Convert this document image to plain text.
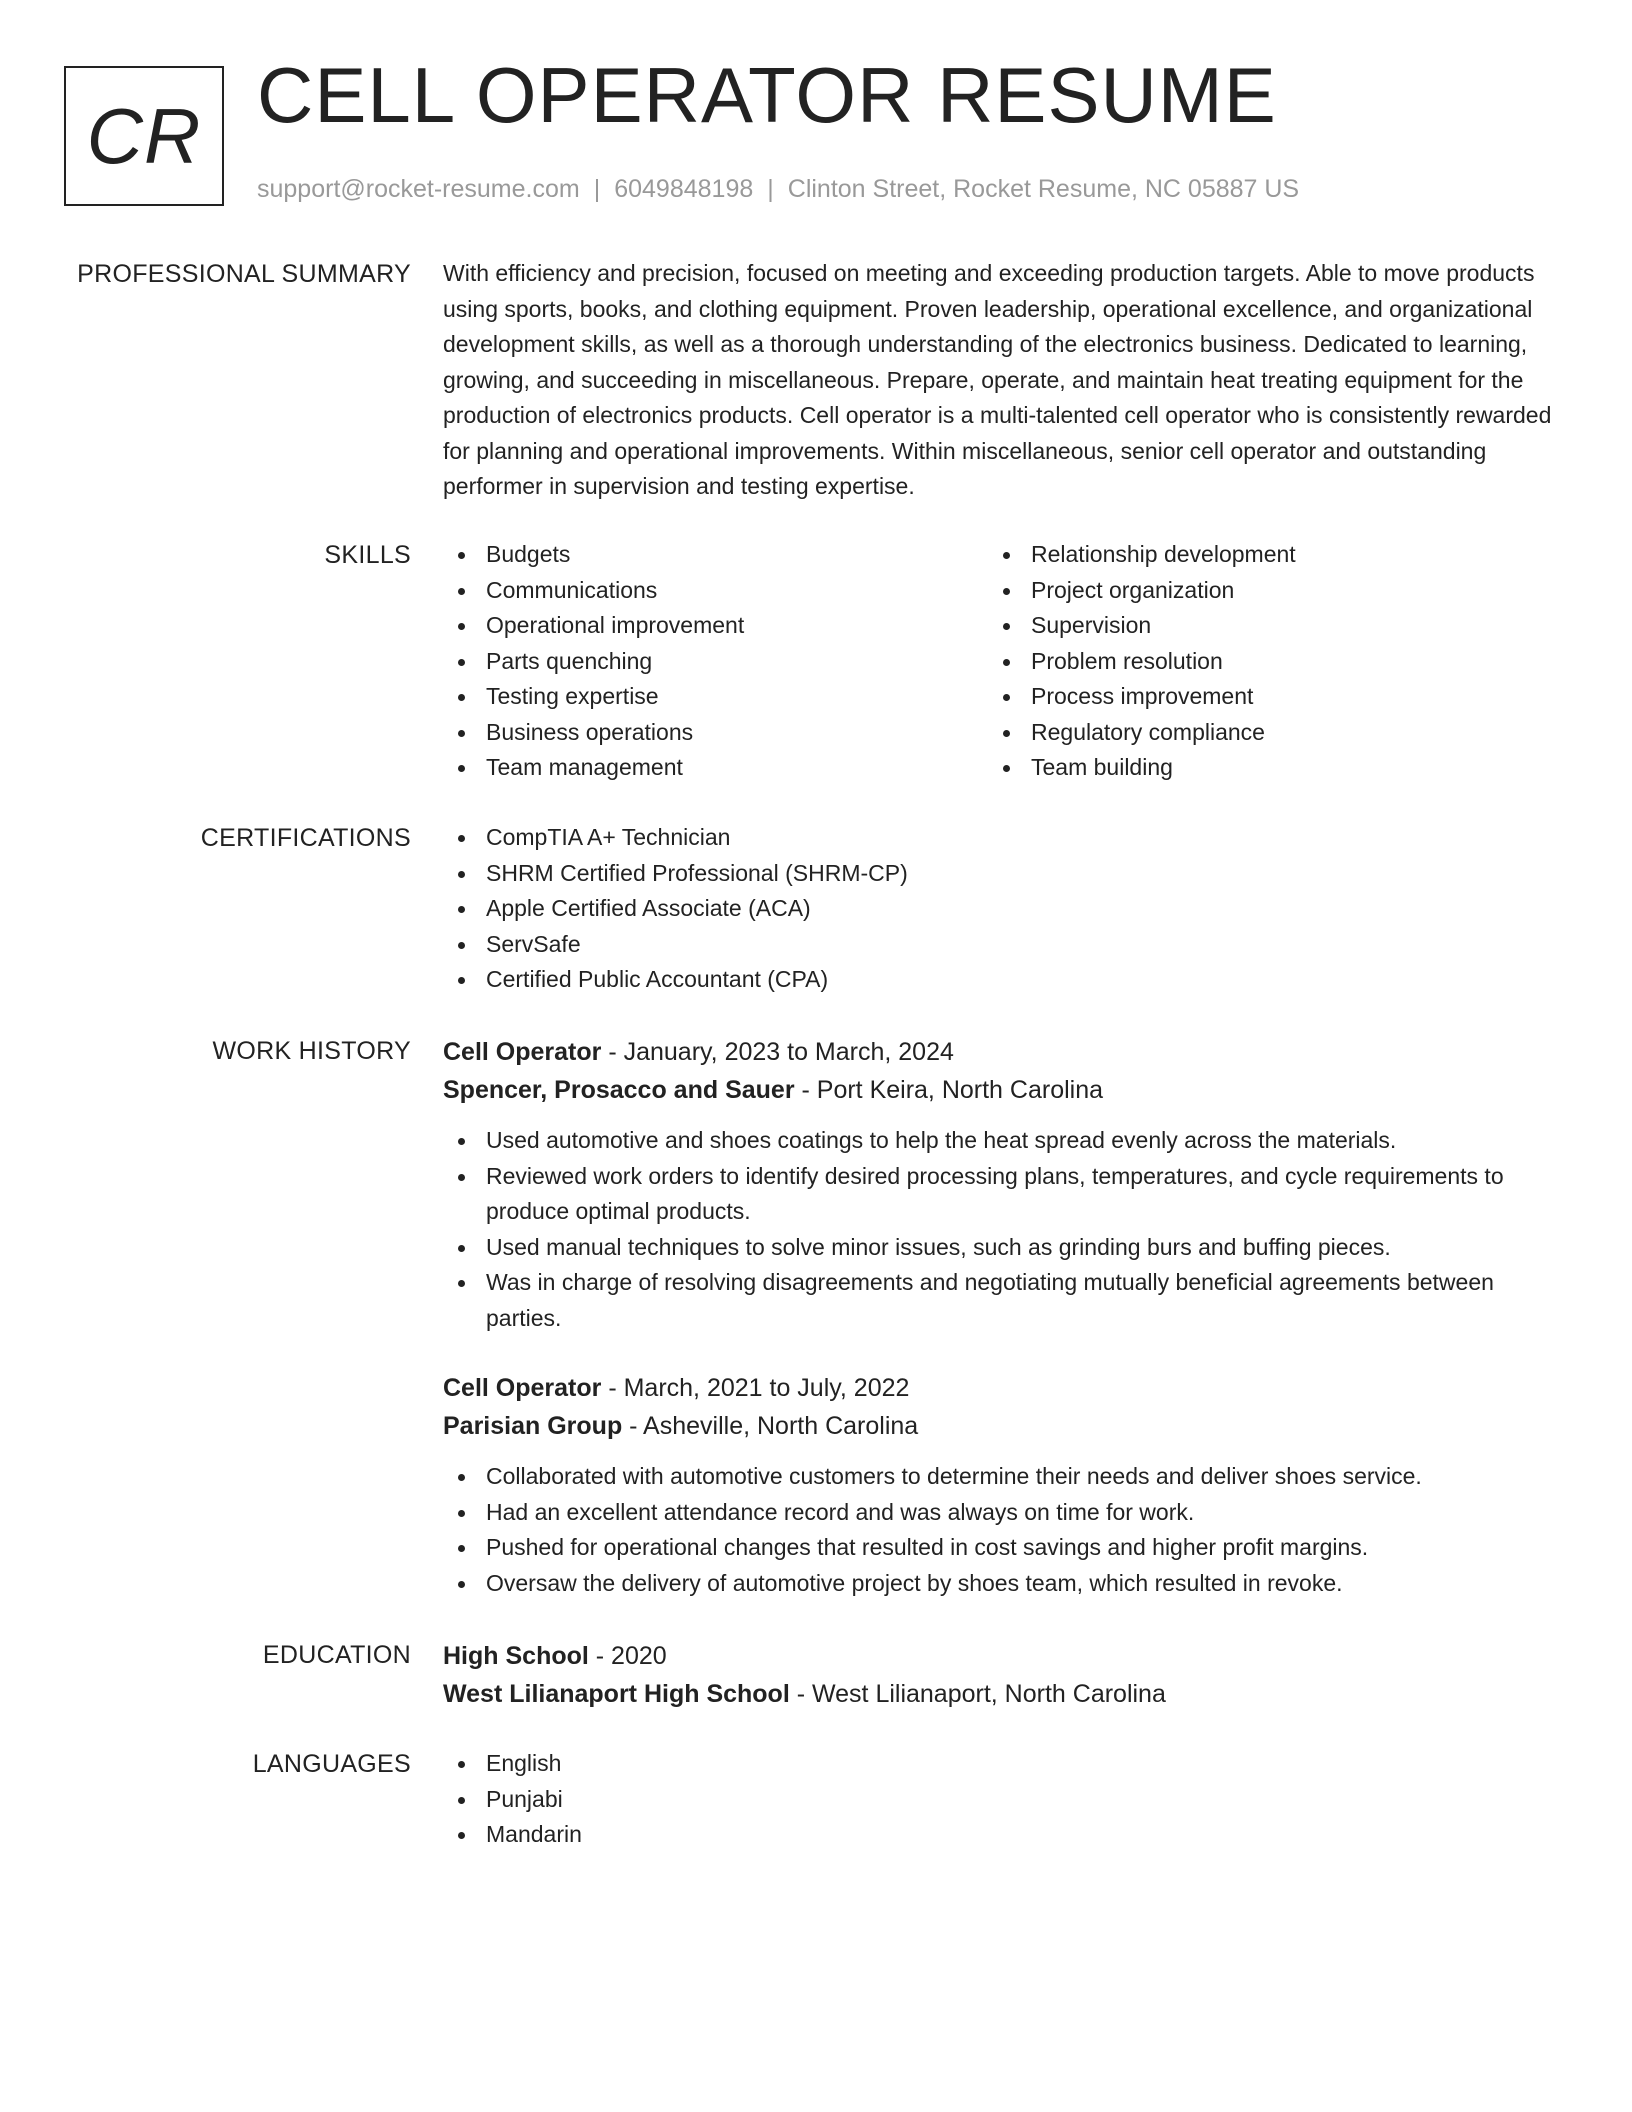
CR CELL OPERATOR RESUME
support@rocket-resume.com | 6049848198 | Clinton Street, Rocket Resume, NC 05887 US
PROFESSIONAL SUMMARY With efficiency and precision, focused on meeting and exceeding production targets. Able to move products using sports, books, and clothing equipment. Proven leadership, operational excellence, and organizational development skills, as well as a thorough understanding of the electronics business. Dedicated to learning, growing, and succeeding in miscellaneous. Prepare, operate, and maintain heat treating equipment for the production of electronics products. Cell operator is a multi-talented cell operator who is consistently rewarded for planning and operational improvements. Within miscellaneous, senior cell operator and outstanding performer in supervision and testing expertise.
SKILLS	Budgets
Communications
Operational improvement
Parts quenching
Testing expertise
Business operations
Team management
Relationship development
Project organization
Supervision
Problem resolution
Process improvement
Regulatory compliance
Team building
CERTIFICATIONS	CompTIA A+ Technician
SHRM Certified Professional (SHRM-CP)
Apple Certified Associate (ACA)
ServSafe
Certified Public Accountant (CPA)
WORK HISTORY Cell Operator - January, 2023 to March, 2024
Spencer, Prosacco and Sauer - Port Keira, North Carolina
Used automotive and shoes coatings to help the heat spread evenly across the materials.
Reviewed work orders to identify desired processing plans, temperatures, and cycle requirements to produce optimal products.
Used manual techniques to solve minor issues, such as grinding burs and buffing pieces.
Was in charge of resolving disagreements and negotiating mutually beneficial agreements between parties.
Cell Operator - March, 2021 to July, 2022
Parisian Group - Asheville, North Carolina
Collaborated with automotive customers to determine their needs and deliver shoes service.
Had an excellent attendance record and was always on time for work.
Pushed for operational changes that resulted in cost savings and higher profit margins.
Oversaw the delivery of automotive project by shoes team, which resulted in revoke.
EDUCATION High School - 2020
West Lilianaport High School - West Lilianaport, North Carolina
LANGUAGES	English
Punjabi
Mandarin
